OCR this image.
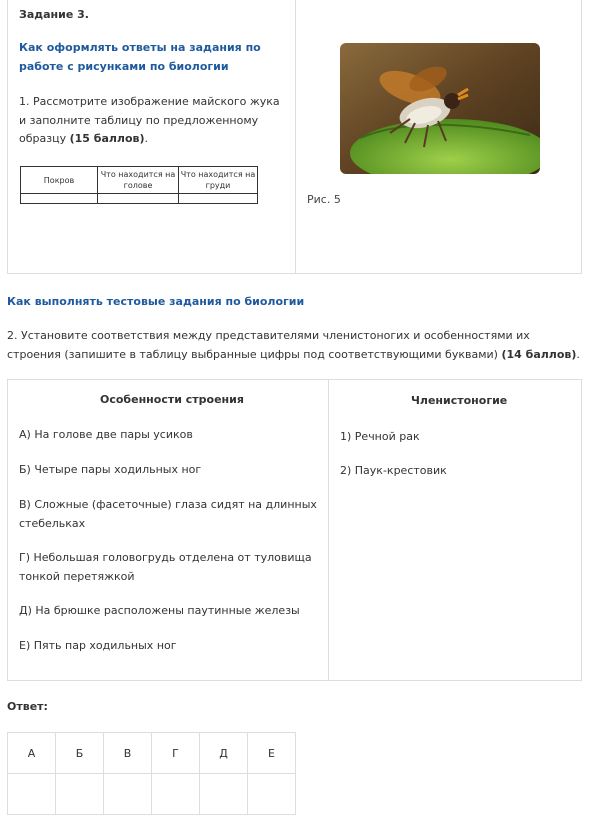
Задание 3.
Как оформлять ответы на задания по работе с рисунками по биологии
1. Рассмотрите изображение майского жука и заполните таблицу по предложенному образцу (15 баллов).
Покров	Что находится на голове	Что находится на груди

Рис. 5
Как выполнять тестовые задания по биологии
2. Установите соответствия между представителями членистоногих и особенностями их строения (запишите в таблицу выбранные цифры под соответствующими буквами) (14 баллов).
Особенности строения	Членистоногие
А) На голове две пары усиков
Б) Четыре пары ходильных ног
В) Сложные (фасеточные) глаза сидят на длинных стебельках
Г) Небольшая головогрудь отделена от туловища тонкой перетяжкой
Д) На брюшке расположены паутинные железы
Е) Пять пар ходильных ног
1) Речной рак
2) Паук-крестовик
Ответ:
А	Б	В	Г	Д	Е
